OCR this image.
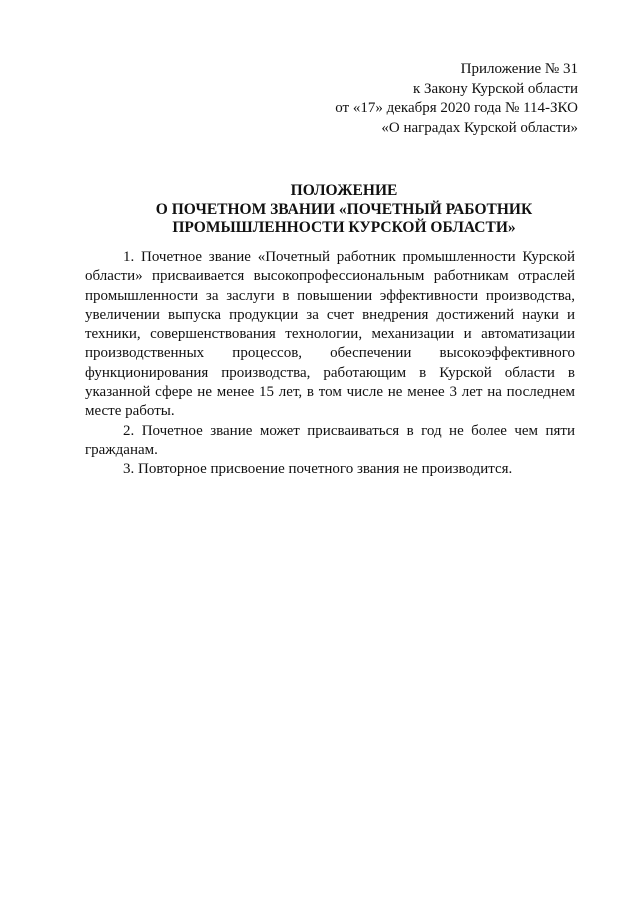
Приложение № 31
к Закону Курской области
от «17» декабря 2020 года № 114-ЗКО
«О наградах Курской области»
ПОЛОЖЕНИЕ
О ПОЧЕТНОМ ЗВАНИИ «ПОЧЕТНЫЙ РАБОТНИК
ПРОМЫШЛЕННОСТИ КУРСКОЙ ОБЛАСТИ»

1. Почетное звание «Почетный работник промышленности Курской области» присваивается высокопрофессиональным работникам отраслей промышленности за заслуги в повышении эффективности производства, увеличении выпуска продукции за счет внедрения достижений науки и техники, совершенствования технологии, механизации и автоматизации производственных процессов, обеспечении высокоэффективного функционирования производства, работающим в Курской области в указанной сфере не менее 15 лет, в том числе не менее 3 лет на последнем месте работы.

2. Почетное звание может присваиваться в год не более чем пяти гражданам.

3. Повторное присвоение почетного звания не производится.
